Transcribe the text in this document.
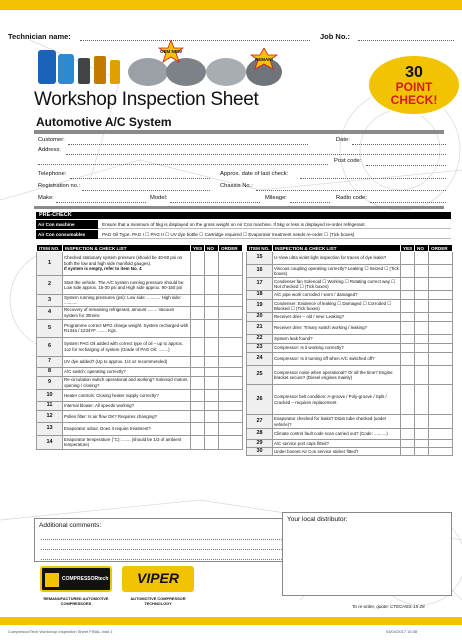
Technician name:	Job No.:
OEM NEW
REMAN!
30
POINT
CHECK!
Workshop Inspection Sheet
Automotive A/C System
Customer:	Date:
Address:
Post code:
Telephone:	Approx. date of last check:
Registration no.:	Chassis No.:
Make:	Model:	Mileage:	Radio code:
PRE-CHECK
Air Con machine	Ensure that a minimum of 5kg is displayed on the gross weight on Air Con machine. If 5kg or less is displayed re-order refrigerant.
Air Con consumables	PAG Oil Type: PAG I ☐ PAG II ☐ UV dye bottle ☐ Cartridge required ☐ Evaporator treatment needs re-order ☐ (Tick boxes)
ITEM NO.	INSPECTION & CHECK LIST	YES	NO	ORDER
1	Checked stationary system pressure (should be 40-60 psi on both the low and high side manifold gauges).
If system is empty, refer to item No. 4			

2	Start the vehicle. The A/C system running pressure should be: Low side approx. 15-30 psi and High side approx. 90-150 psi			
3	System running pressures (psi): Low side: ........... High side: ...........			
4	Recovery of remaining refrigerant, amount ........ Vacuum system for 30mins			
5	Programme correct MFG charge weight. System recharged with R134a / 1234YF ........ Kgs.			
6	System PAG Oil added with correct type of oil – up to approx. 1oz for recharging of system (Grade of PAG Oil: ........)			
7	UV dye added? (Up to approx. 1/4 oz recommended)			
8	A/C switch: operating correctly?			
9	Re-circulation switch operational and working? Solenoid motors opening / closing?			
10	Heater controls: Closing heater supply correctly?			
11	Internal blower: All speeds working?			
12	Pollen filter: Is air flow OK? Requires changing?			
13	Evaporator odour. Does it require treatment?			
14	Evaporator temperature (°C): ....... (should be 1/3 of ambient temperature)			
ITEM NO.	INSPECTION & CHECK LIST	YES	NO	ORDER
15	U-View ultra violet light inspection for traces of dye leaks?			
16	Viscous coupling operating correctly? Leaking ☐ Seized ☐ (Tick boxes)			
17	Condenser fan Solenoid ☐ Working ☐ Rotating correct way ☐ Not checked ☐ (Tick boxes)			
18	A/C pipe work corroded / worn / damaged?			
19	Condenser: Evidence of leaking ☐ Damaged ☐ Corroded ☐ Blocked ☐ (Tick boxes)			
20	Receiver drier – old / new: Leaking?			
21	Receiver drier: Trinary switch working / leaking?			
22	System leak found?			
23	Compressor: Is it working correctly?			
24	Compressor: Is it turning off when A/C switched off?			
25	Compressor noise when operational? Or all the time? Engine bracket secure? (Diesel engines mainly)			
26	Compressor belt condition: A-groove / Poly-groove / Split / Cracked – requires replacement			
27	Evaporator checked for leaks? Drain tube checked (under vehicle)?			
28	Climate control fault code scan carried out? (Code: ..........)			
29	A/C service port caps fitted?			
30	Under bonnet Air Con service sticker fitted?			
Additional comments:
Your local distributor:
COMPRESSORtech
REMANUFACTURED AUTOMOTIVE COMPRESSORS
VIPER
AUTOMOTIVE COMPRESSOR TECHNOLOGY
To re-order, quote: CTECHSS-15-28
CompressorTech Workshop Inspection Sheet FINAL.indd 1	03/04/2017 15:38
